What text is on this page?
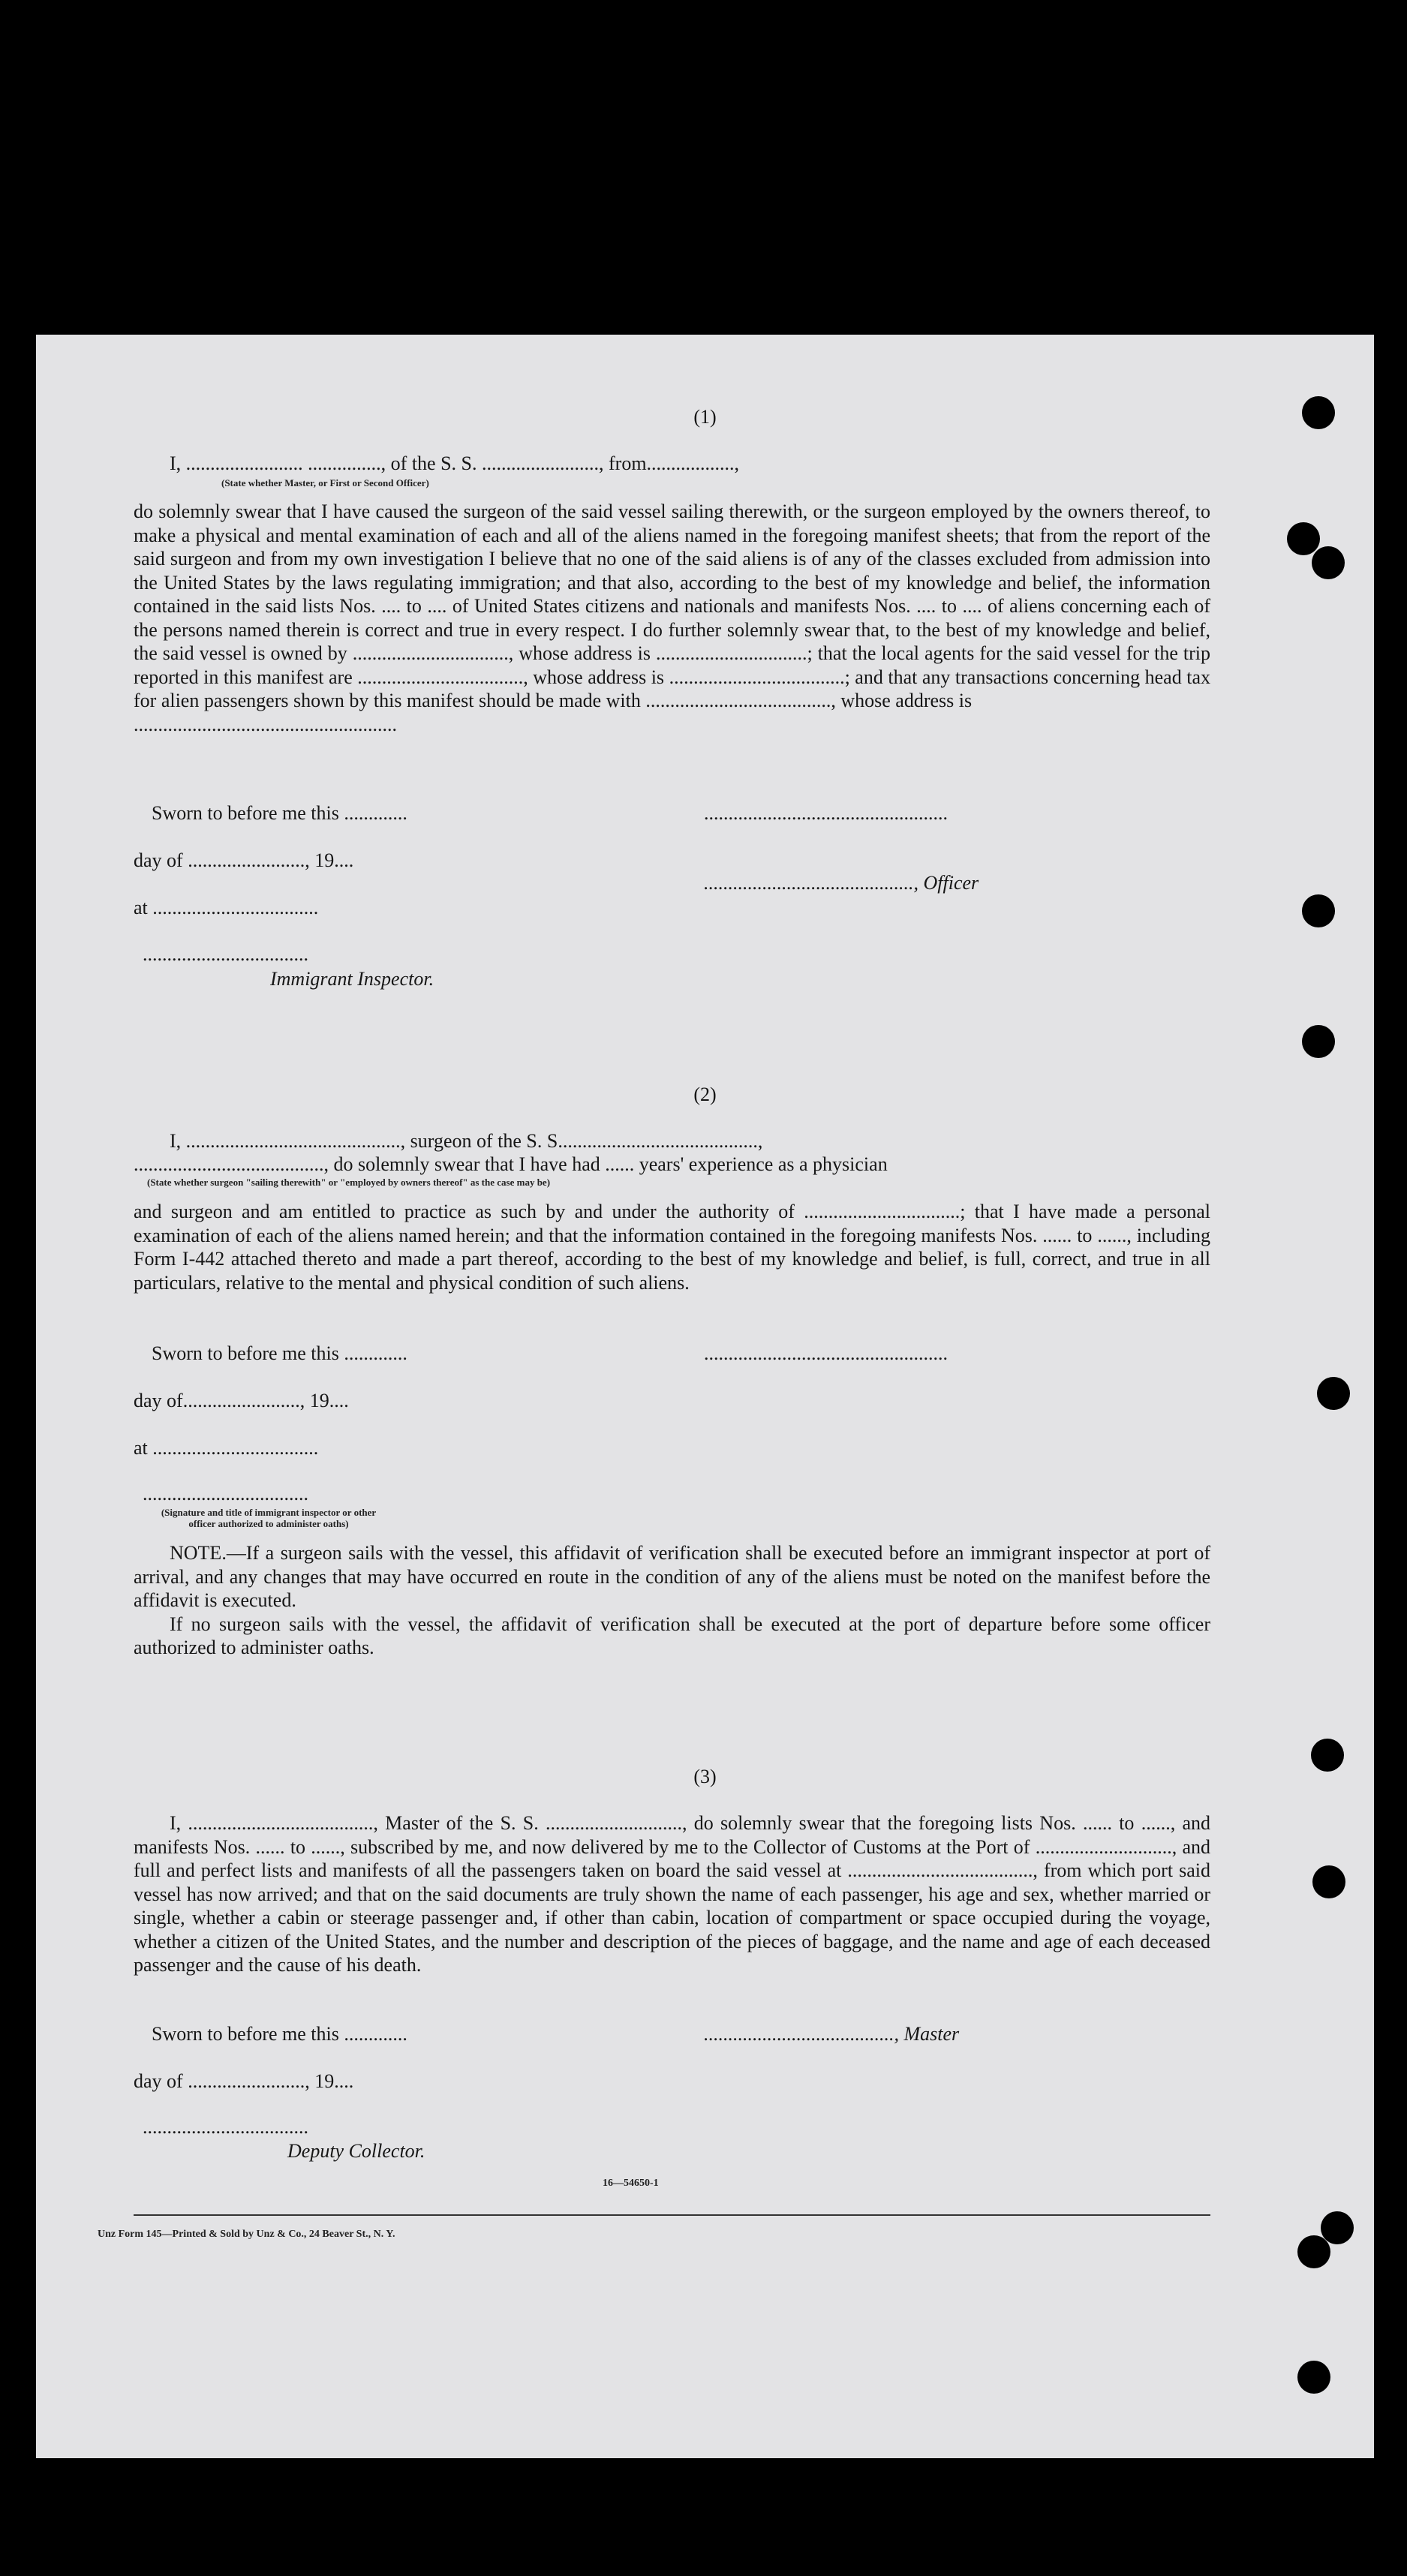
(1)
I, ........................ ..............., of the S. S. ........................, from..................,
(State whether Master, or First or Second Officer)

do solemnly swear that I have caused the surgeon of the said vessel sailing therewith, or the surgeon employed by the owners thereof, to make a physical and mental examination of each and all of the aliens named in the foregoing manifest sheets; that from the report of the said surgeon and from my own investigation I believe that no one of the said aliens is of any of the classes excluded from admission into the United States by the laws regulating immigration; and that also, according to the best of my knowledge and belief, the information contained in the said lists Nos. .... to .... of United States citizens and nationals and manifests Nos. .... to .... of aliens concerning each of the persons named therein is correct and true in every respect. I do further solemnly swear that, to the best of my knowledge and belief, the said vessel is owned by ................................, whose address is ...............................; that the local agents for the said vessel for the trip reported in this manifest are .................................., whose address is ....................................; and that any transactions concerning head tax for alien passengers shown by this manifest should be made with ......................................, whose address is

......................................................

Sworn to before me this .............	..................................................
day of ........................, 19....
..........................................., Officer
at ..................................
..................................
Immigrant Inspector.
(2)
I, ............................................, surgeon of the S. S.........................................,
......................................., do solemnly swear that I have had ...... years' experience as a physician
(State whether surgeon "sailing therewith" or "employed by owners thereof" as the case may be)

and surgeon and am entitled to practice as such by and under the authority of ................................; that I have made a personal examination of each of the aliens named herein; and that the information contained in the foregoing manifests Nos. ...... to ......, including Form I-442 attached thereto and made a part thereof, according to the best of my knowledge and belief, is full, correct, and true in all particulars, relative to the mental and physical condition of such aliens.

Sworn to before me this .............	..................................................
day of........................, 19....
at ..................................
..................................
(Signature and title of immigrant inspector or other officer authorized to administer oaths)

NOTE.—If a surgeon sails with the vessel, this affidavit of verification shall be executed before an immigrant inspector at port of arrival, and any changes that may have occurred en route in the condition of any of the aliens must be noted on the manifest before the affidavit is executed.

If no surgeon sails with the vessel, the affidavit of verification shall be executed at the port of departure before some officer authorized to administer oaths.

(3)

I, ......................................, Master of the S. S. ............................, do solemnly swear that the foregoing lists Nos. ...... to ......, and manifests Nos. ...... to ......, subscribed by me, and now delivered by me to the Collector of Customs at the Port of ............................, and full and perfect lists and manifests of all the passengers taken on board the said vessel at ......................................, from which port said vessel has now arrived; and that on the said documents are truly shown the name of each passenger, his age and sex, whether married or single, whether a cabin or steerage passenger and, if other than cabin, location of compartment or space occupied during the voyage, whether a citizen of the United States, and the number and description of the pieces of baggage, and the name and age of each deceased passenger and the cause of his death.

Sworn to before me this .............	......................................., Master
day of ........................, 19....
..................................
Deputy Collector.
16—54650-1
Unz Form 145—Printed & Sold by Unz & Co., 24 Beaver St., N. Y.
